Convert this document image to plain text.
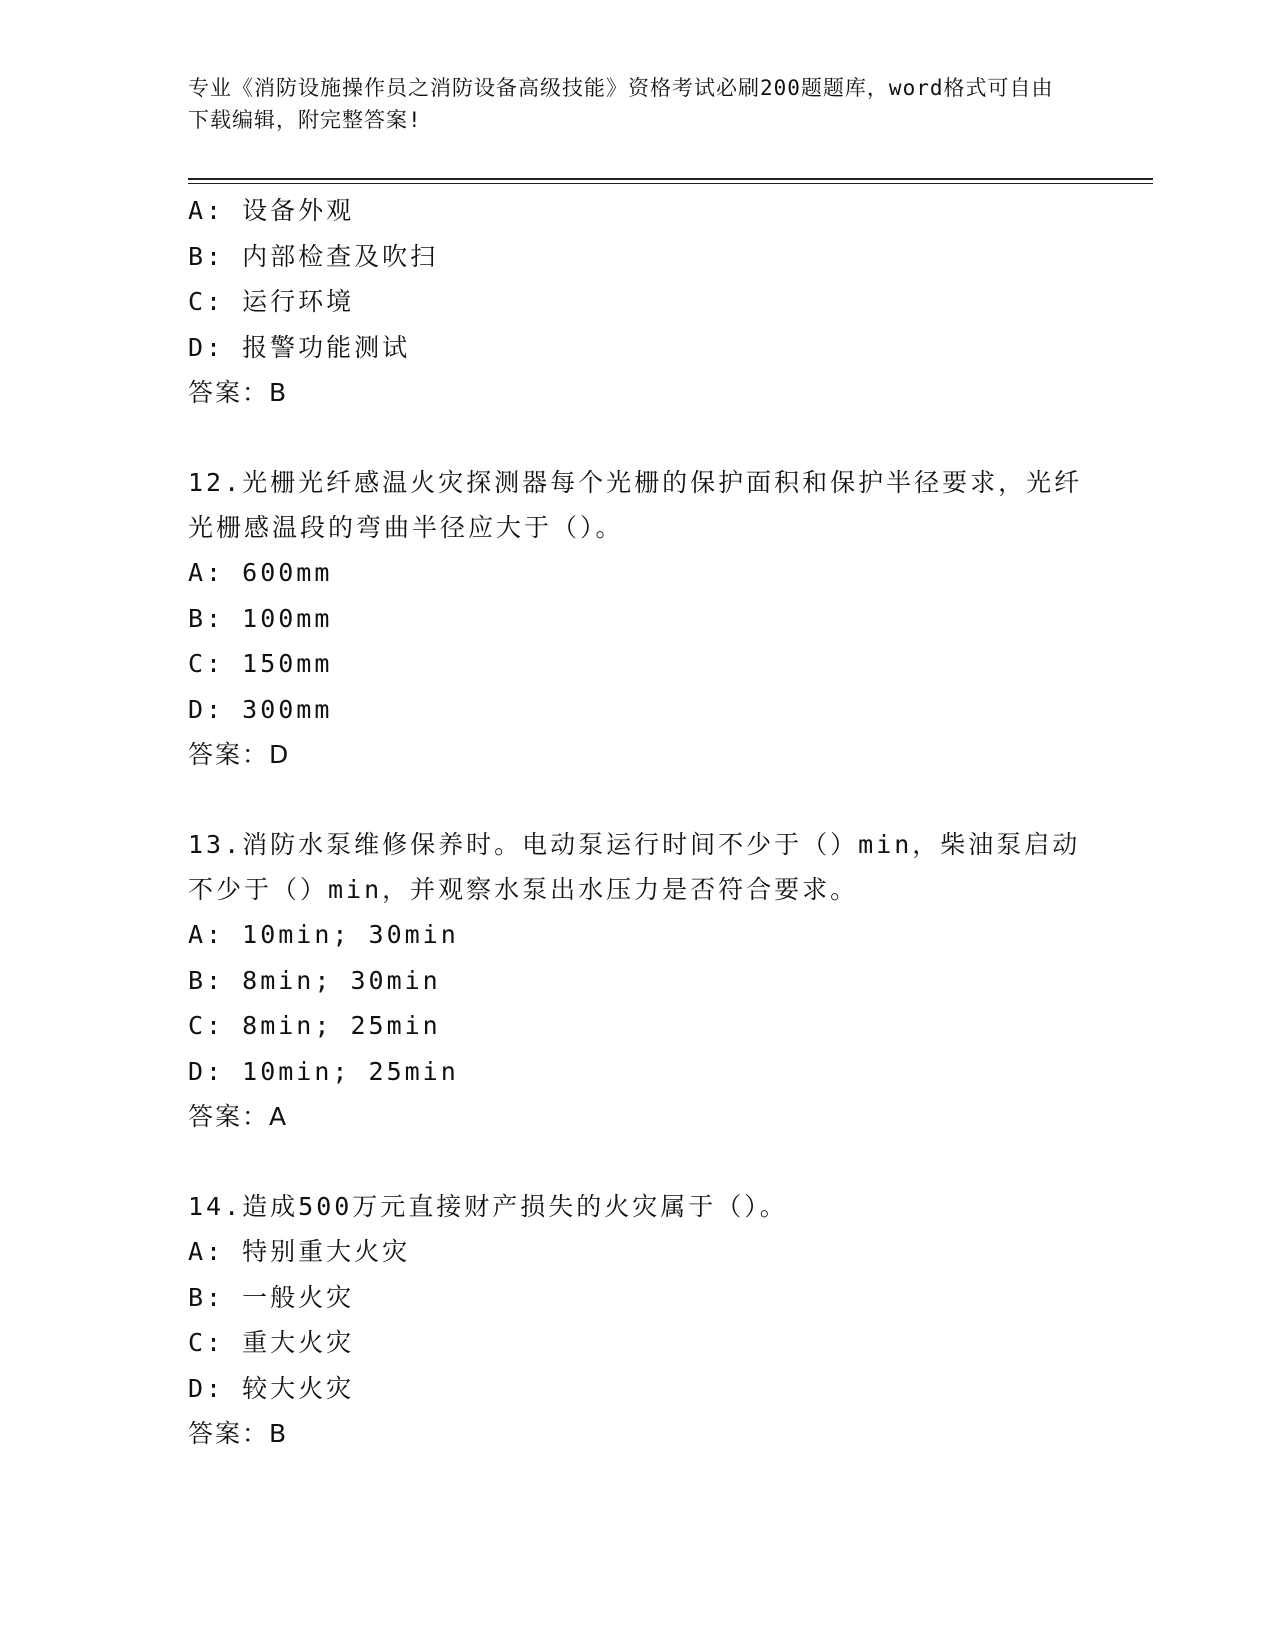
专业《消防设施操作员之消防设备高级技能》资格考试必刷200题题库，word格式可自由下载编辑，附完整答案!
A: 设备外观
B: 内部检查及吹扫
C: 运行环境
D: 报警功能测试
答案：B

12.光栅光纤感温火灾探测器每个光栅的保护面积和保护半径要求，光纤光栅感温段的弯曲半径应大于（）。

A: 600mm
B: 100mm
C: 150mm
D: 300mm
答案：D

13.消防水泵维修保养时。电动泵运行时间不少于（）min，柴油泵启动不少于（）min，并观察水泵出水压力是否符合要求。

A: 10min; 30min
B: 8min; 30min
C: 8min; 25min
D: 10min; 25min
答案：A

14.造成500万元直接财产损失的火灾属于（）。

A: 特别重大火灾
B: 一般火灾
C: 重大火灾
D: 较大火灾
答案：B
